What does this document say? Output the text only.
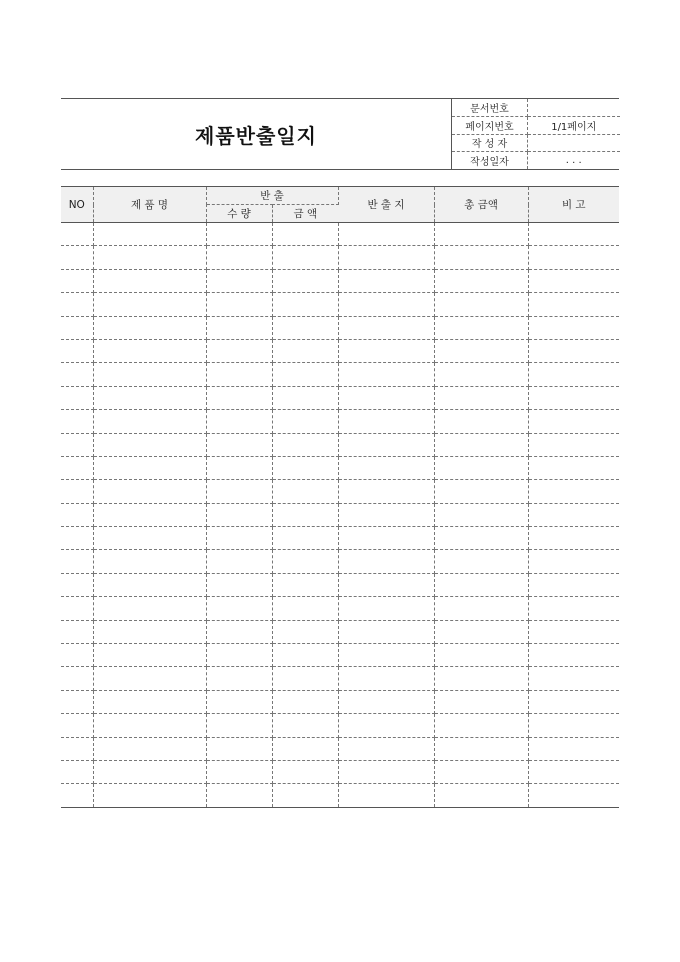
제품반출일지
문서번호	
페이지번호	1/1페이지
작 성 자	
작성일자	. . .
NO	제 품 명	반 출		반 출 지	총 금액	비 고
		수 량	금 액			
